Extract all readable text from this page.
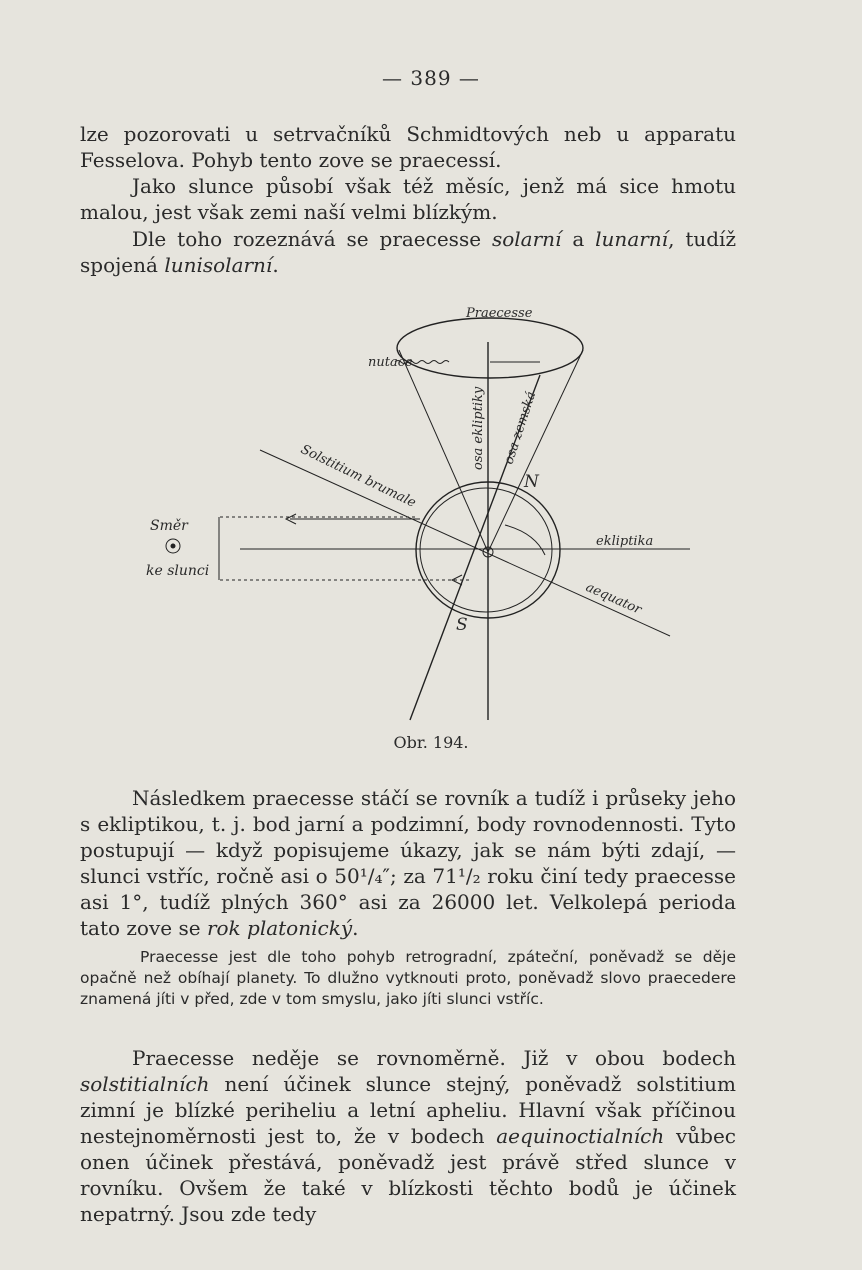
— 389 —
lze pozorovati u setrvačníků Schmidtových neb u apparatu Fesselova. Pohyb tento zove se praecessí.
Jako slunce působí však též měsíc, jenž má sice hmotu malou, jest však zemi naší velmi blízkým.
Dle toho rozeznává se praecesse solarní a lunarní, tudíž spojená lunisolarní.
Praecesse
nutace
osa ekliptiky osa zemská
Solstitium brumale	N
S
Směr
ke slunci
ekliptika
aequator
Obr. 194.
Následkem praecesse stáčí se rovník a tudíž i průseky jeho s ekliptikou, t. j. bod jarní a podzimní, body rovnodennosti. Tyto postupují — když popisujeme úkazy, jak se nám býti zdají, — slunci vstříc, ročně asi o 50¹/₄″; za 71¹/₂ roku činí tedy praecesse asi 1°, tudíž plných 360° asi za 26000 let. Velkolepá perioda tato zove se rok platonický.
Praecesse jest dle toho pohyb retrogradní, zpáteční, poněvadž se děje opačně než obíhají planety. To dlužno vytknouti proto, poněvadž slovo praecedere znamená jíti v před, zde v tom smyslu, jako jíti slunci vstříc.
Praecesse neděje se rovnoměrně. Již v obou bodech solstitialních není účinek slunce stejný, poněvadž solstitium zimní je blízké periheliu a letní apheliu. Hlavní však příčinou nestejnoměrnosti jest to, že v bodech aequinoctialních vůbec onen účinek přestává, poněvadž jest právě střed slunce v rovníku. Ovšem že také v blízkosti těchto bodů je účinek nepatrný. Jsou zde tedy
